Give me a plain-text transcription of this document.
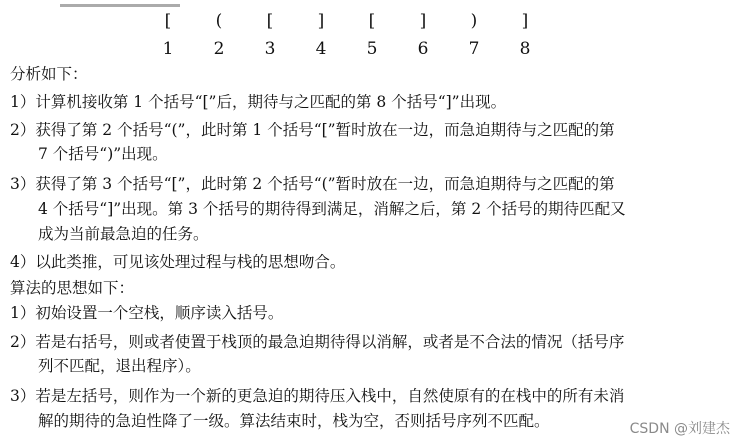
[	(	[	]	[	]	)	]
1	2	3	4	5	6	7	8
分析如下：
1）计算机接收第 1 个括号“[”后，期待与之匹配的第 8 个括号“]”出现。
2）获得了第 2 个括号“(”，此时第 1 个括号“[”暂时放在一边，而急迫期待与之匹配的第
7 个括号“)”出现。
3）获得了第 3 个括号“[”，此时第 2 个括号“(”暂时放在一边，而急迫期待与之匹配的第
4 个括号“]”出现。第 3 个括号的期待得到满足，消解之后，第 2 个括号的期待匹配又
成为当前最急迫的任务。
4）以此类推，可见该处理过程与栈的思想吻合。
算法的思想如下：
1）初始设置一个空栈，顺序读入括号。
2）若是右括号，则或者使置于栈顶的最急迫期待得以消解，或者是不合法的情况（括号序
列不匹配，退出程序）。
3）若是左括号，则作为一个新的更急迫的期待压入栈中，自然使原有的在栈中的所有未消
解的期待的急迫性降了一级。算法结束时，栈为空，否则括号序列不匹配。	CSDN @刘建杰
